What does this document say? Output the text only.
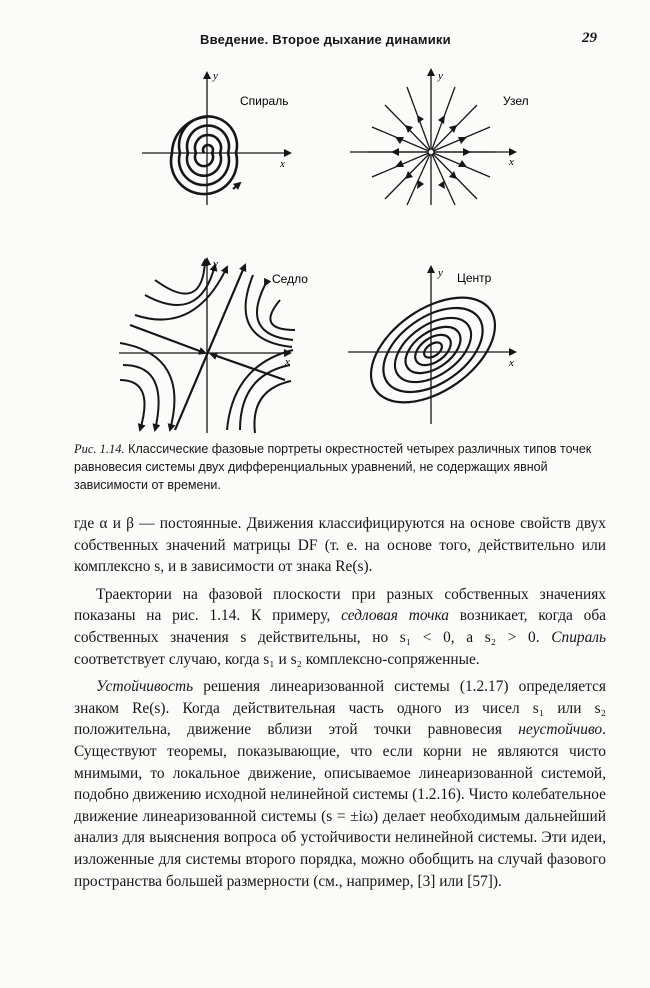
Введение. Второе дыхание динамики	29
y
x
Спираль
y
x
Узел
y
x
Седло	y
x
Центр

Рис. 1.14. Классические фазовые портреты окрестностей четырех различных типов точек равновесия системы двух дифференциальных уравнений, не содержащих явной зависимости от времени.

где α и β — постоянные. Движения классифицируются на основе свойств двух собственных значений матрицы DF (т. е. на основе того, действительно или комплексно s, и в зависимости от знака Re(s).

Траектории на фазовой плоскости при разных собственных значениях показаны на рис. 1.14. К примеру, седловая точка возникает, когда оба собственных значения s действительны, но s₁ < 0, а s₂ > 0. Спираль соответствует случаю, когда s₁ и s₂ комплексно-сопряженные.

Устойчивость решения линеаризованной системы (1.2.17) определяется знаком Re(s). Когда действительная часть одного из чисел s₁ или s₂ положительна, движение вблизи этой точки равновесия неустойчиво. Существуют теоремы, показывающие, что если корни не являются чисто мнимыми, то локальное движение, описываемое линеаризованной системой, подобно движению исходной нелинейной системы (1.2.16). Чисто колебательное движение линеаризованной системы (s = ±iω) делает необходимым дальнейший анализ для выяснения вопроса об устойчивости нелинейной системы. Эти идеи, изложенные для системы второго порядка, можно обобщить на случай фазового пространства большей размерности (см., например, [3] или [57]).
